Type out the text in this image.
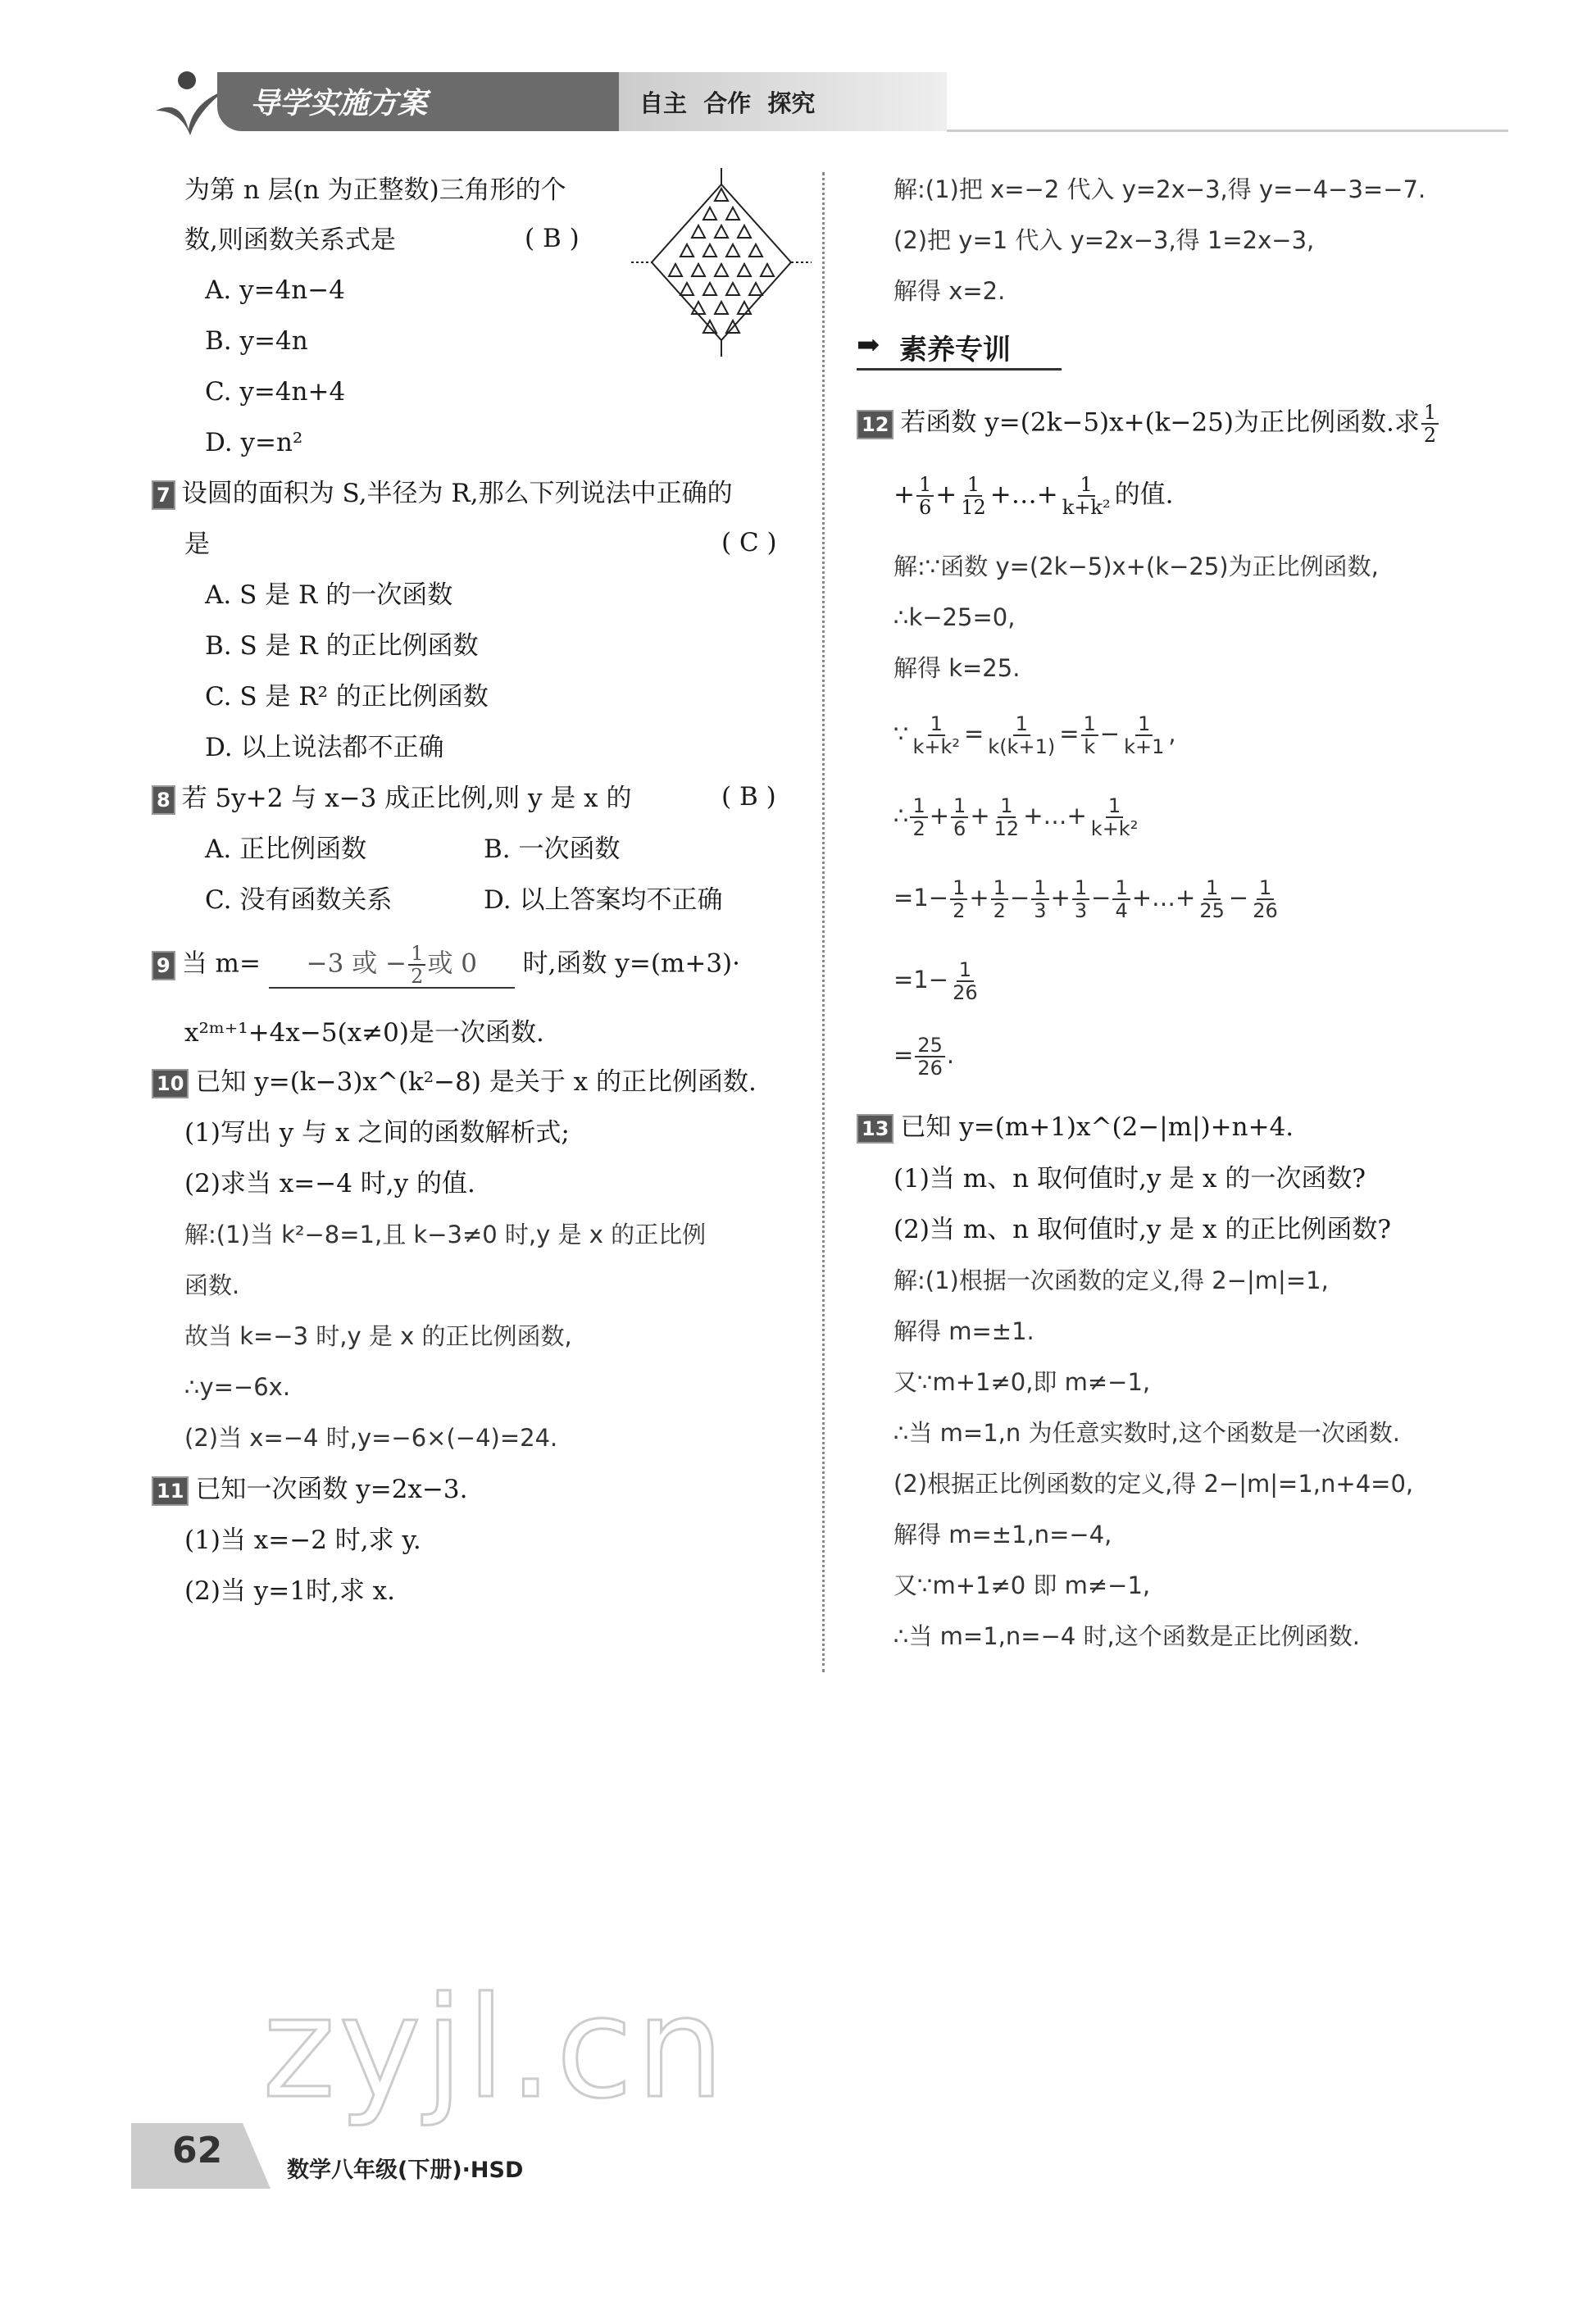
导学实施方案	自主  合作  探究
为第 n 层(n 为正整数)三角形的个
数,则函数关系式是	( B )
A. y=4n−4
B. y=4n
C. y=4n+4
D. y=n²
7 设圆的面积为 S,半径为 R,那么下列说法中正确的
是	( C )
A. S 是 R 的一次函数
B. S 是 R 的正比例函数
C. S 是 R² 的正比例函数
D. 以上说法都不正确
8 若 5y+2 与 x−3 成正比例,则 y 是 x 的	( B )
A. 正比例函数	B. 一次函数
C. 没有函数关系	D. 以上答案均不正确
9 当 m= −3 或 − $\frac{1}{2}$ 或 0 时,函数 y=(m+3)·
x²ᵐ⁺¹+4x−5(x≠0)是一次函数.
10 已知 y=(k−3)x^(k²−8) 是关于 x 的正比例函数.
(1)写出 y 与 x 之间的函数解析式;
(2)求当 x=−4 时,y 的值.
解:(1)当 k²−8=1,且 k−3≠0 时,y 是 x 的正比例
函数.
故当 k=−3 时,y 是 x 的正比例函数,
∴y=−6x.
(2)当 x=−4 时,y=−6×(−4)=24.
11 已知一次函数 y=2x−3.
(1)当 x=−2 时,求 y.
(2)当 y=1时,求 x.
解:(1)把 x=−2 代入 y=2x−3,得 y=−4−3=−7.
(2)把 y=1 代入 y=2x−3,得 1=2x−3,
解得 x=2.
➡ 素养专训
12 若函数 y=(2k−5)x+(k−25)为正比例函数.求 $\frac{1}{2}$
+ $\frac{1}{6} + \frac{1}{12}$ +…+ $\frac{1}{\text{k+k²}}$ 的值.
解:∵函数 y=(2k−5)x+(k−25)为正比例函数,
∴k−25=0,
解得 k=25.
∵ $\frac{1}{\text{k+k²}} = \frac{1}{k(k+1)} = \frac{1}{k} - \frac{1}{k+1}$ ,
∴ $\frac{1}{2} + \frac{1}{6} + \frac{1}{12}$ +…+ $\frac{1}{\text{k+k²}}$
$=1- \frac{1}{2} + \frac{1}{2} - \frac{1}{3} + \frac{1}{3} - \frac{1}{4}$ +…+ $\frac{1}{25} - \frac{1}{26}$
$=1- \frac{1}{26}$
= $\frac{25}{26}$ .
13 已知 y=(m+1)x^(2−|m|)+n+4.
(1)当 m、n 取何值时,y 是 x 的一次函数?
(2)当 m、n 取何值时,y 是 x 的正比例函数?
解:(1)根据一次函数的定义,得 2−|m|=1,
解得 m=±1.
又∵m+1≠0,即 m≠−1,
∴当 m=1,n 为任意实数时,这个函数是一次函数.
(2)根据正比例函数的定义,得 2−|m|=1,n+4=0,
解得 m=±1,n=−4,
又∵m+1≠0 即 m≠−1,
∴当 m=1,n=−4 时,这个函数是正比例函数.
zyjl.cn
62	数学八年级(下册)·HSD
